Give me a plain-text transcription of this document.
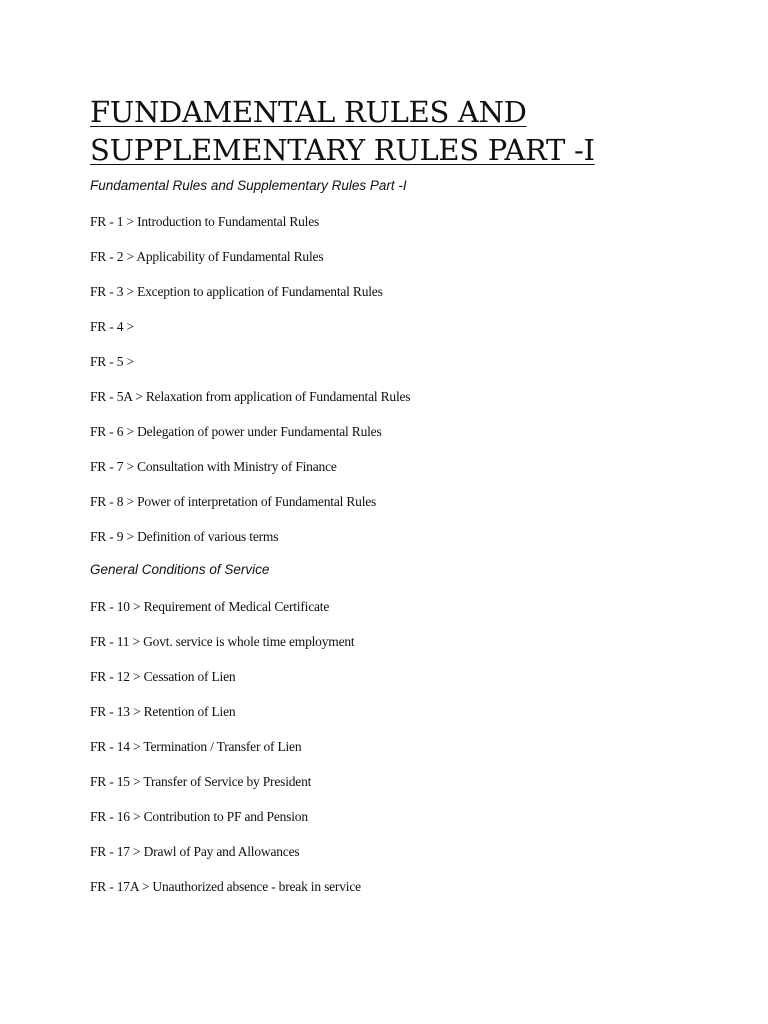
FUNDAMENTAL RULES AND
SUPPLEMENTARY RULES PART -I
Fundamental Rules and Supplementary Rules Part -I
FR - 1 > Introduction to Fundamental Rules
FR - 2 > Applicability of Fundamental Rules
FR - 3 > Exception to application of Fundamental Rules
FR - 4 >
FR - 5 >
FR - 5A > Relaxation from application of Fundamental Rules
FR - 6 > Delegation of power under Fundamental Rules
FR - 7 > Consultation with Ministry of Finance
FR - 8 > Power of interpretation of Fundamental Rules
FR - 9 > Definition of various terms
General Conditions of Service
FR - 10 > Requirement of Medical Certificate
FR - 11 > Govt. service is whole time employment
FR - 12 > Cessation of Lien
FR - 13 > Retention of Lien
FR - 14 > Termination / Transfer of Lien
FR - 15 > Transfer of Service by President
FR - 16 > Contribution to PF and Pension
FR - 17 > Drawl of Pay and Allowances
FR - 17A > Unauthorized absence - break in service
